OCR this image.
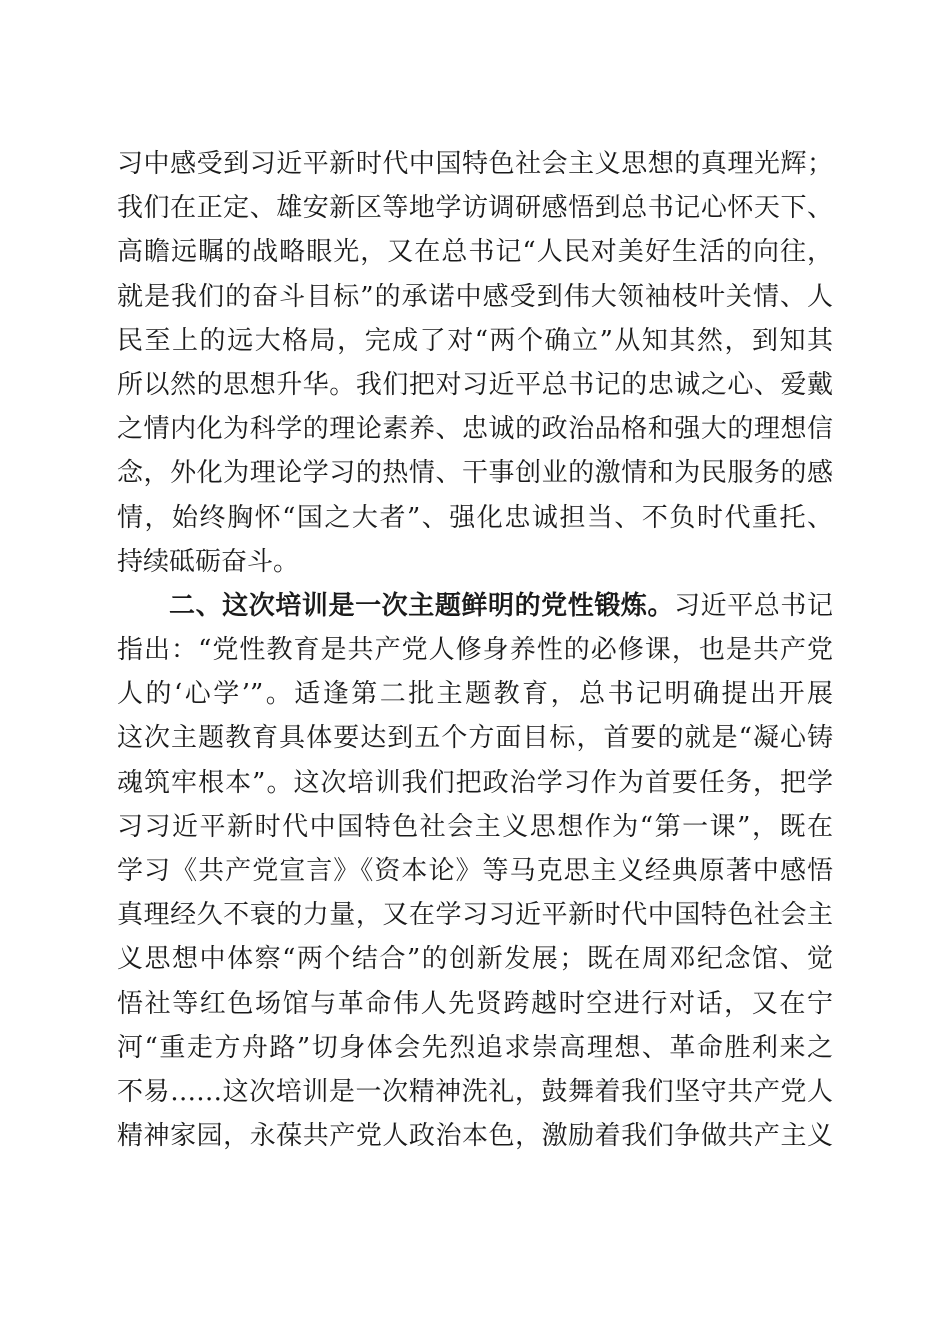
习中感受到习近平新时代中国特色社会主义思想的真理光辉；
我们在正定、雄安新区等地学访调研感悟到总书记心怀天下、
高瞻远瞩的战略眼光，又在总书记“人民对美好生活的向往，
就是我们的奋斗目标”的承诺中感受到伟大领袖枝叶关情、人
民至上的远大格局，完成了对“两个确立”从知其然，到知其
所以然的思想升华。我们把对习近平总书记的忠诚之心、爱戴
之情内化为科学的理论素养、忠诚的政治品格和强大的理想信
念，外化为理论学习的热情、干事创业的激情和为民服务的感
情，始终胸怀“国之大者”、强化忠诚担当、不负时代重托、
持续砥砺奋斗。
二、这次培训是一次主题鲜明的党性锻炼。习近平总书记
指出：“党性教育是共产党人修身养性的必修课，也是共产党
人的‘心学’”。适逢第二批主题教育，总书记明确提出开展
这次主题教育具体要达到五个方面目标，首要的就是“凝心铸
魂筑牢根本”。这次培训我们把政治学习作为首要任务，把学
习习近平新时代中国特色社会主义思想作为“第一课”，既在
学习《共产党宣言》《资本论》等马克思主义经典原著中感悟
真理经久不衰的力量，又在学习习近平新时代中国特色社会主
义思想中体察“两个结合”的创新发展；既在周邓纪念馆、觉
悟社等红色场馆与革命伟人先贤跨越时空进行对话，又在宁
河“重走方舟路”切身体会先烈追求崇高理想、革命胜利来之
不易……这次培训是一次精神洗礼，鼓舞着我们坚守共产党人
精神家园，永葆共产党人政治本色，激励着我们争做共产主义
